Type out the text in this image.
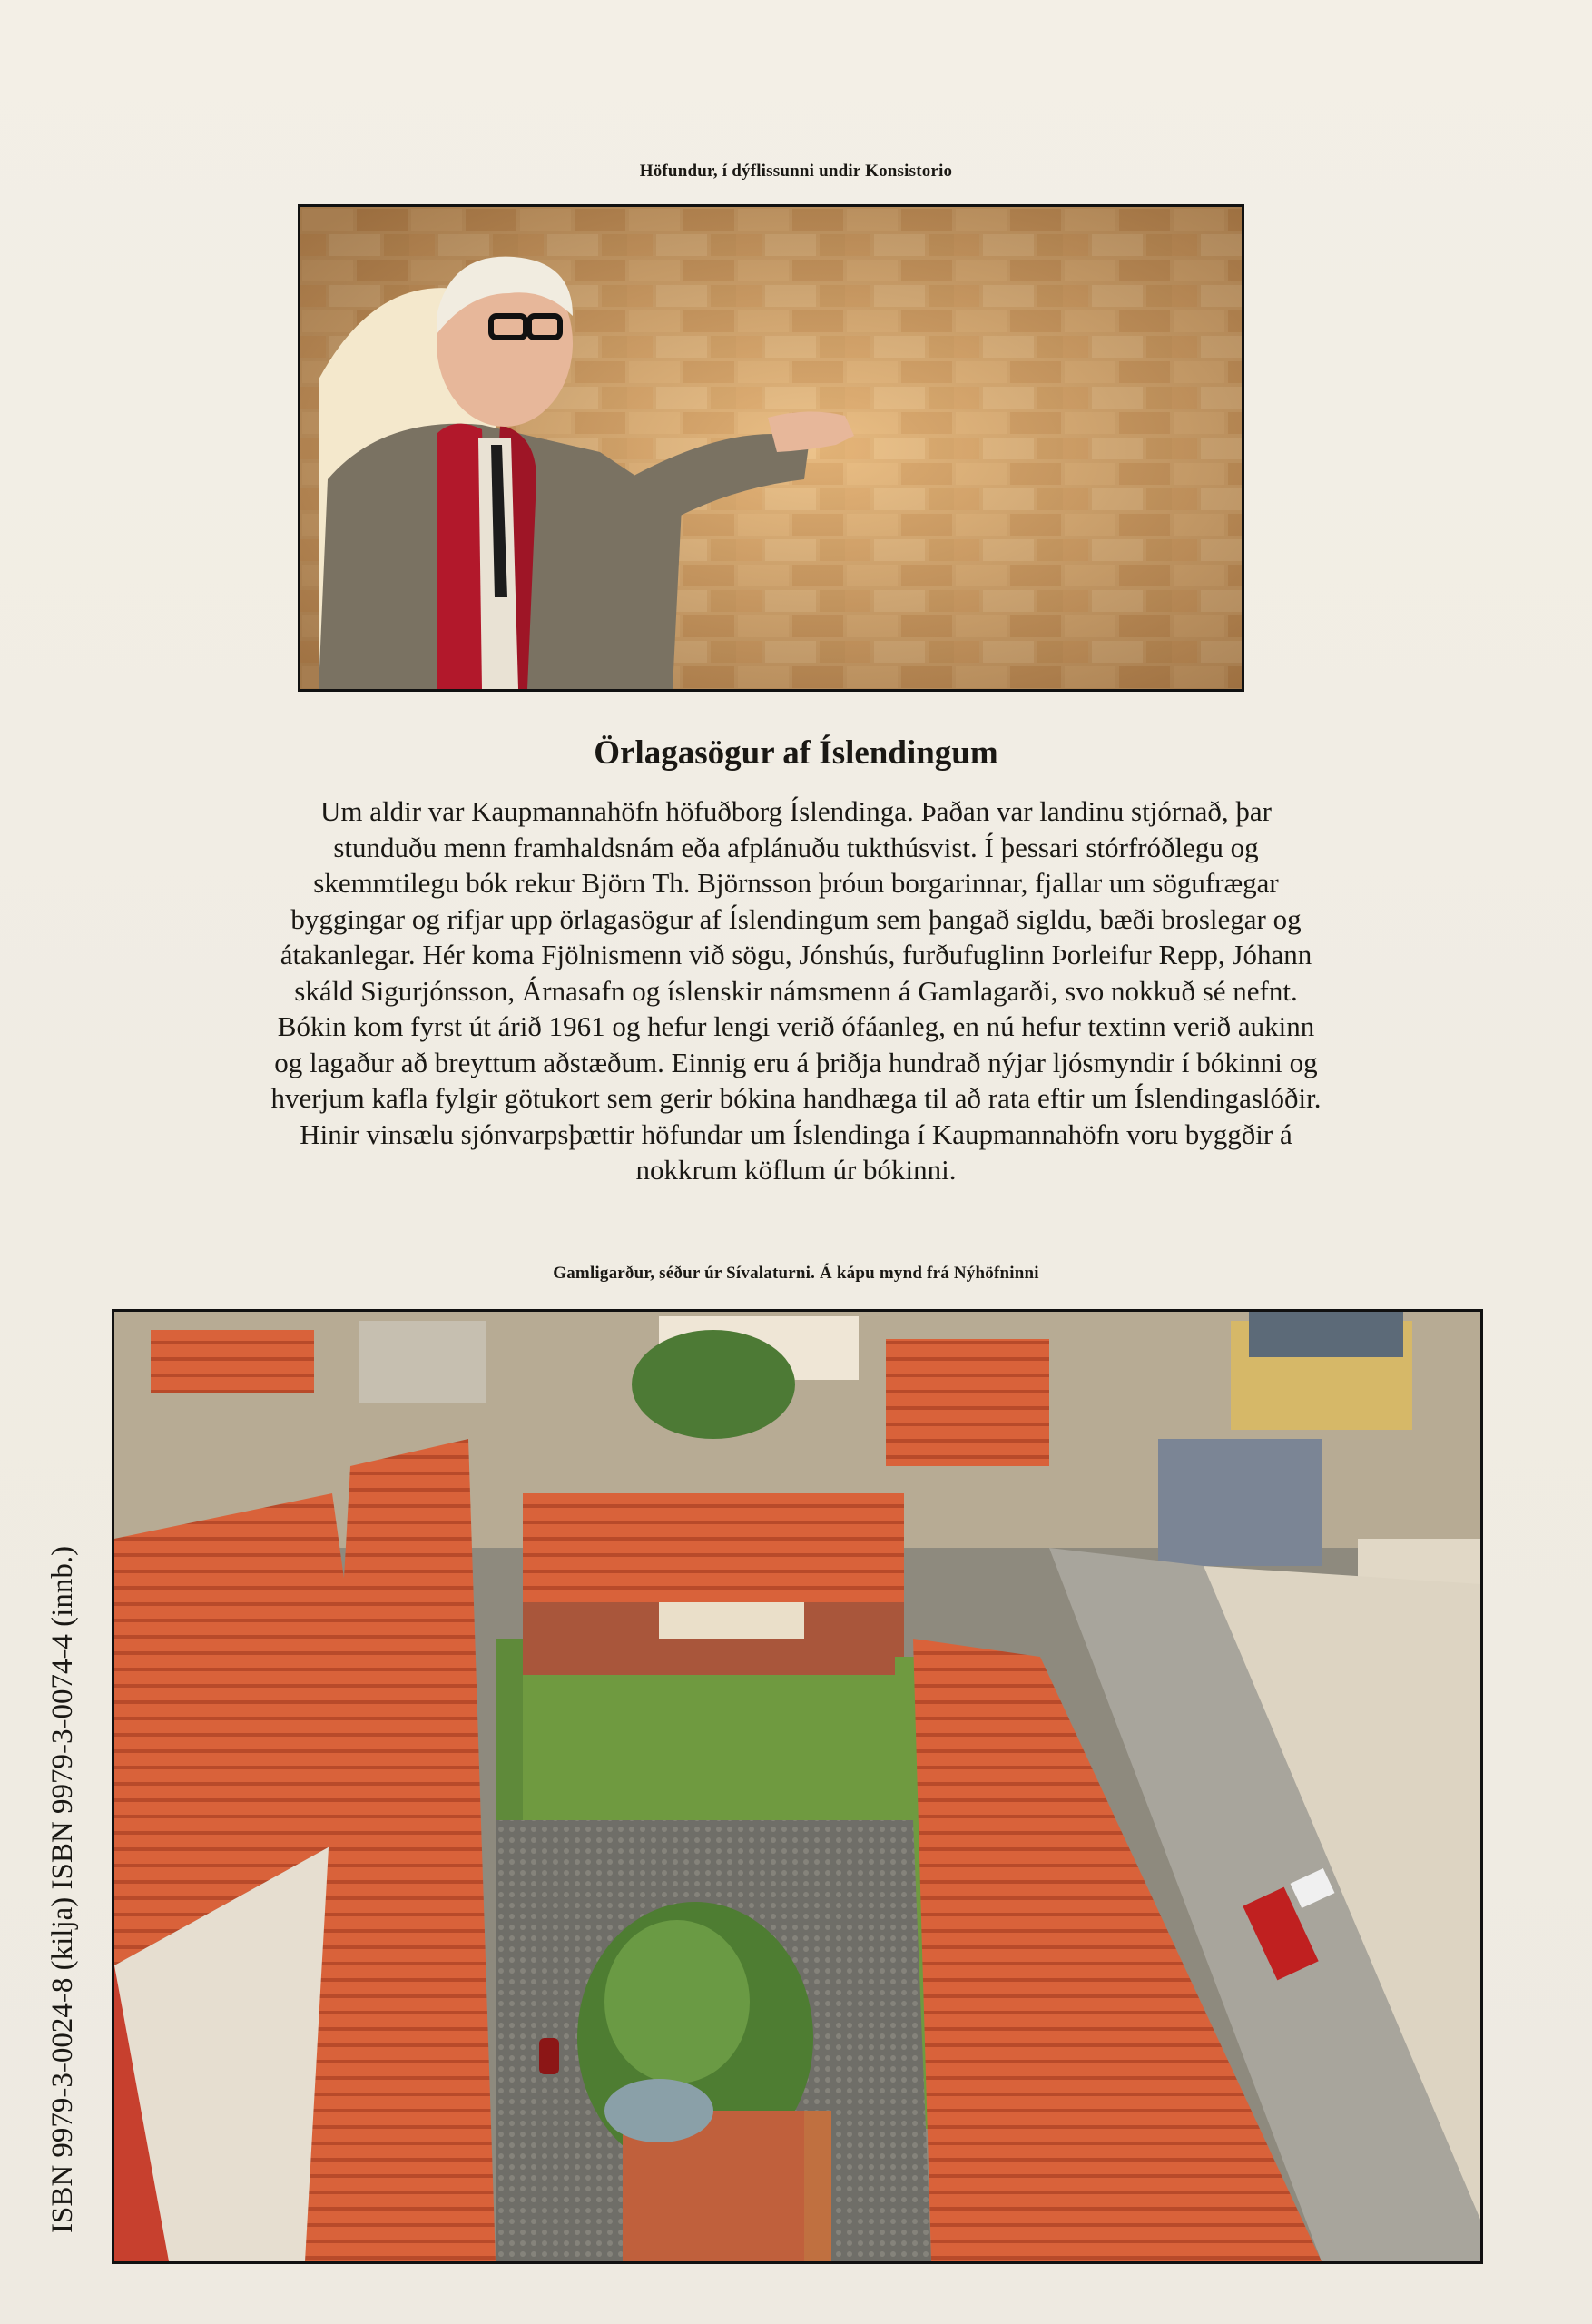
Höfundur, í dýflissunni undir Konsistorio
Örlagasögur af Íslendingum
Um aldir var Kaupmannahöfn höfuðborg Íslendinga. Þaðan var landinu stjórnað, þar
stunduðu menn framhaldsnám eða afplánuðu tukthúsvist. Í þessari stórfróðlegu og
skemmtilegu bók rekur Björn Th. Björnsson þróun borgarinnar, fjallar um sögufrægar
byggingar og rifjar upp örlagasögur af Íslendingum sem þangað sigldu, bæði broslegar og
átakanlegar. Hér koma Fjölnismenn við sögu, Jónshús, furðufuglinn Þorleifur Repp, Jóhann
skáld Sigurjónsson, Árnasafn og íslenskir námsmenn á Gamlagarði, svo nokkuð sé nefnt.
Bókin kom fyrst út árið 1961 og hefur lengi verið ófáanleg, en nú hefur textinn verið aukinn
og lagaður að breyttum aðstæðum. Einnig eru á þriðja hundrað nýjar ljósmyndir í bókinni og
hverjum kafla fylgir götukort sem gerir bókina handhæga til að rata eftir um Íslendingaslóðir.
Hinir vinsælu sjónvarpsþættir höfundar um Íslendinga í Kaupmannahöfn voru byggðir á
nokkrum köflum úr bókinni.
Gamligarður, séður úr Sívalaturni. Á kápu mynd frá Nýhöfninni
ISBN 9979-3-0024-8 (kilja) ISBN 9979-3-0074-4 (innb.)
